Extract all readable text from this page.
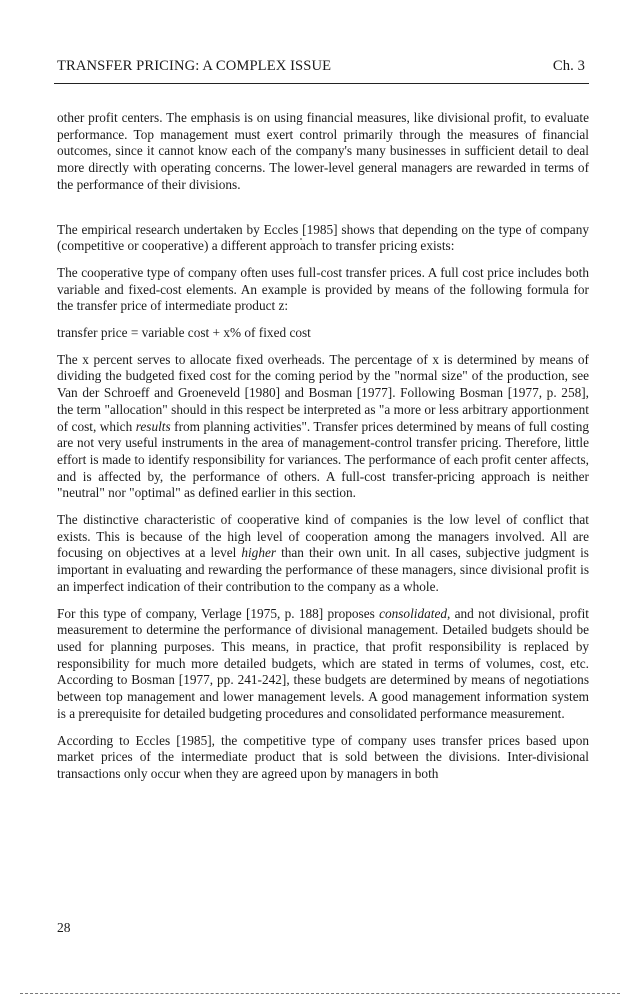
TRANSFER PRICING: A COMPLEX ISSUE	Ch. 3

other profit centers. The emphasis is on using financial measures, like divisional profit, to evaluate performance. Top management must exert control primarily through the measures of financial outcomes, since it cannot know each of the company's many businesses in sufficient detail to deal more directly with operating concerns. The lower-level general managers are rewarded in terms of the performance of their divisions.

The empirical research undertaken by Eccles [1985] shows that depending on the type of company (competitive or cooperative) a different approach to transfer pricing exists:

The cooperative type of company often uses full-cost transfer prices. A full cost price includes both variable and fixed-cost elements. An example is provided by means of the following formula for the transfer price of intermediate product z:

transfer price = variable cost + x% of fixed cost

The x percent serves to allocate fixed overheads. The percentage of x is determined by means of dividing the budgeted fixed cost for the coming period by the "normal size" of the production, see Van der Schroeff and Groeneveld [1980] and Bosman [1977]. Following Bosman [1977, p. 258], the term "allocation" should in this respect be interpreted as "a more or less arbitrary apportionment of cost, which results from planning activities". Transfer prices determined by means of full costing are not very useful instruments in the area of management-control transfer pricing. Therefore, little effort is made to identify responsibility for variances. The performance of each profit center affects, and is affected by, the performance of others. A full-cost transfer-pricing approach is neither "neutral" nor "optimal" as defined earlier in this section.

The distinctive characteristic of cooperative kind of companies is the low level of conflict that exists. This is because of the high level of cooperation among the managers involved. All are focusing on objectives at a level higher than their own unit. In all cases, subjective judgment is important in evaluating and rewarding the performance of these managers, since divisional profit is an imperfect indication of their contribution to the company as a whole.

For this type of company, Verlage [1975, p. 188] proposes consolidated, and not divisional, profit measurement to determine the performance of divisional management. Detailed budgets should be used for planning purposes. This means, in practice, that profit responsibility is replaced by responsibility for much more detailed budgets, which are stated in terms of volumes, cost, etc. According to Bosman [1977, pp. 241-242], these budgets are determined by means of negotiations between top management and lower management levels. A good management information system is a prerequisite for detailed budgeting procedures and consolidated performance measurement.

According to Eccles [1985], the competitive type of company uses transfer prices based upon market prices of the intermediate product that is sold between the divisions. Inter-divisional transactions only occur when they are agreed upon by managers in both

28
